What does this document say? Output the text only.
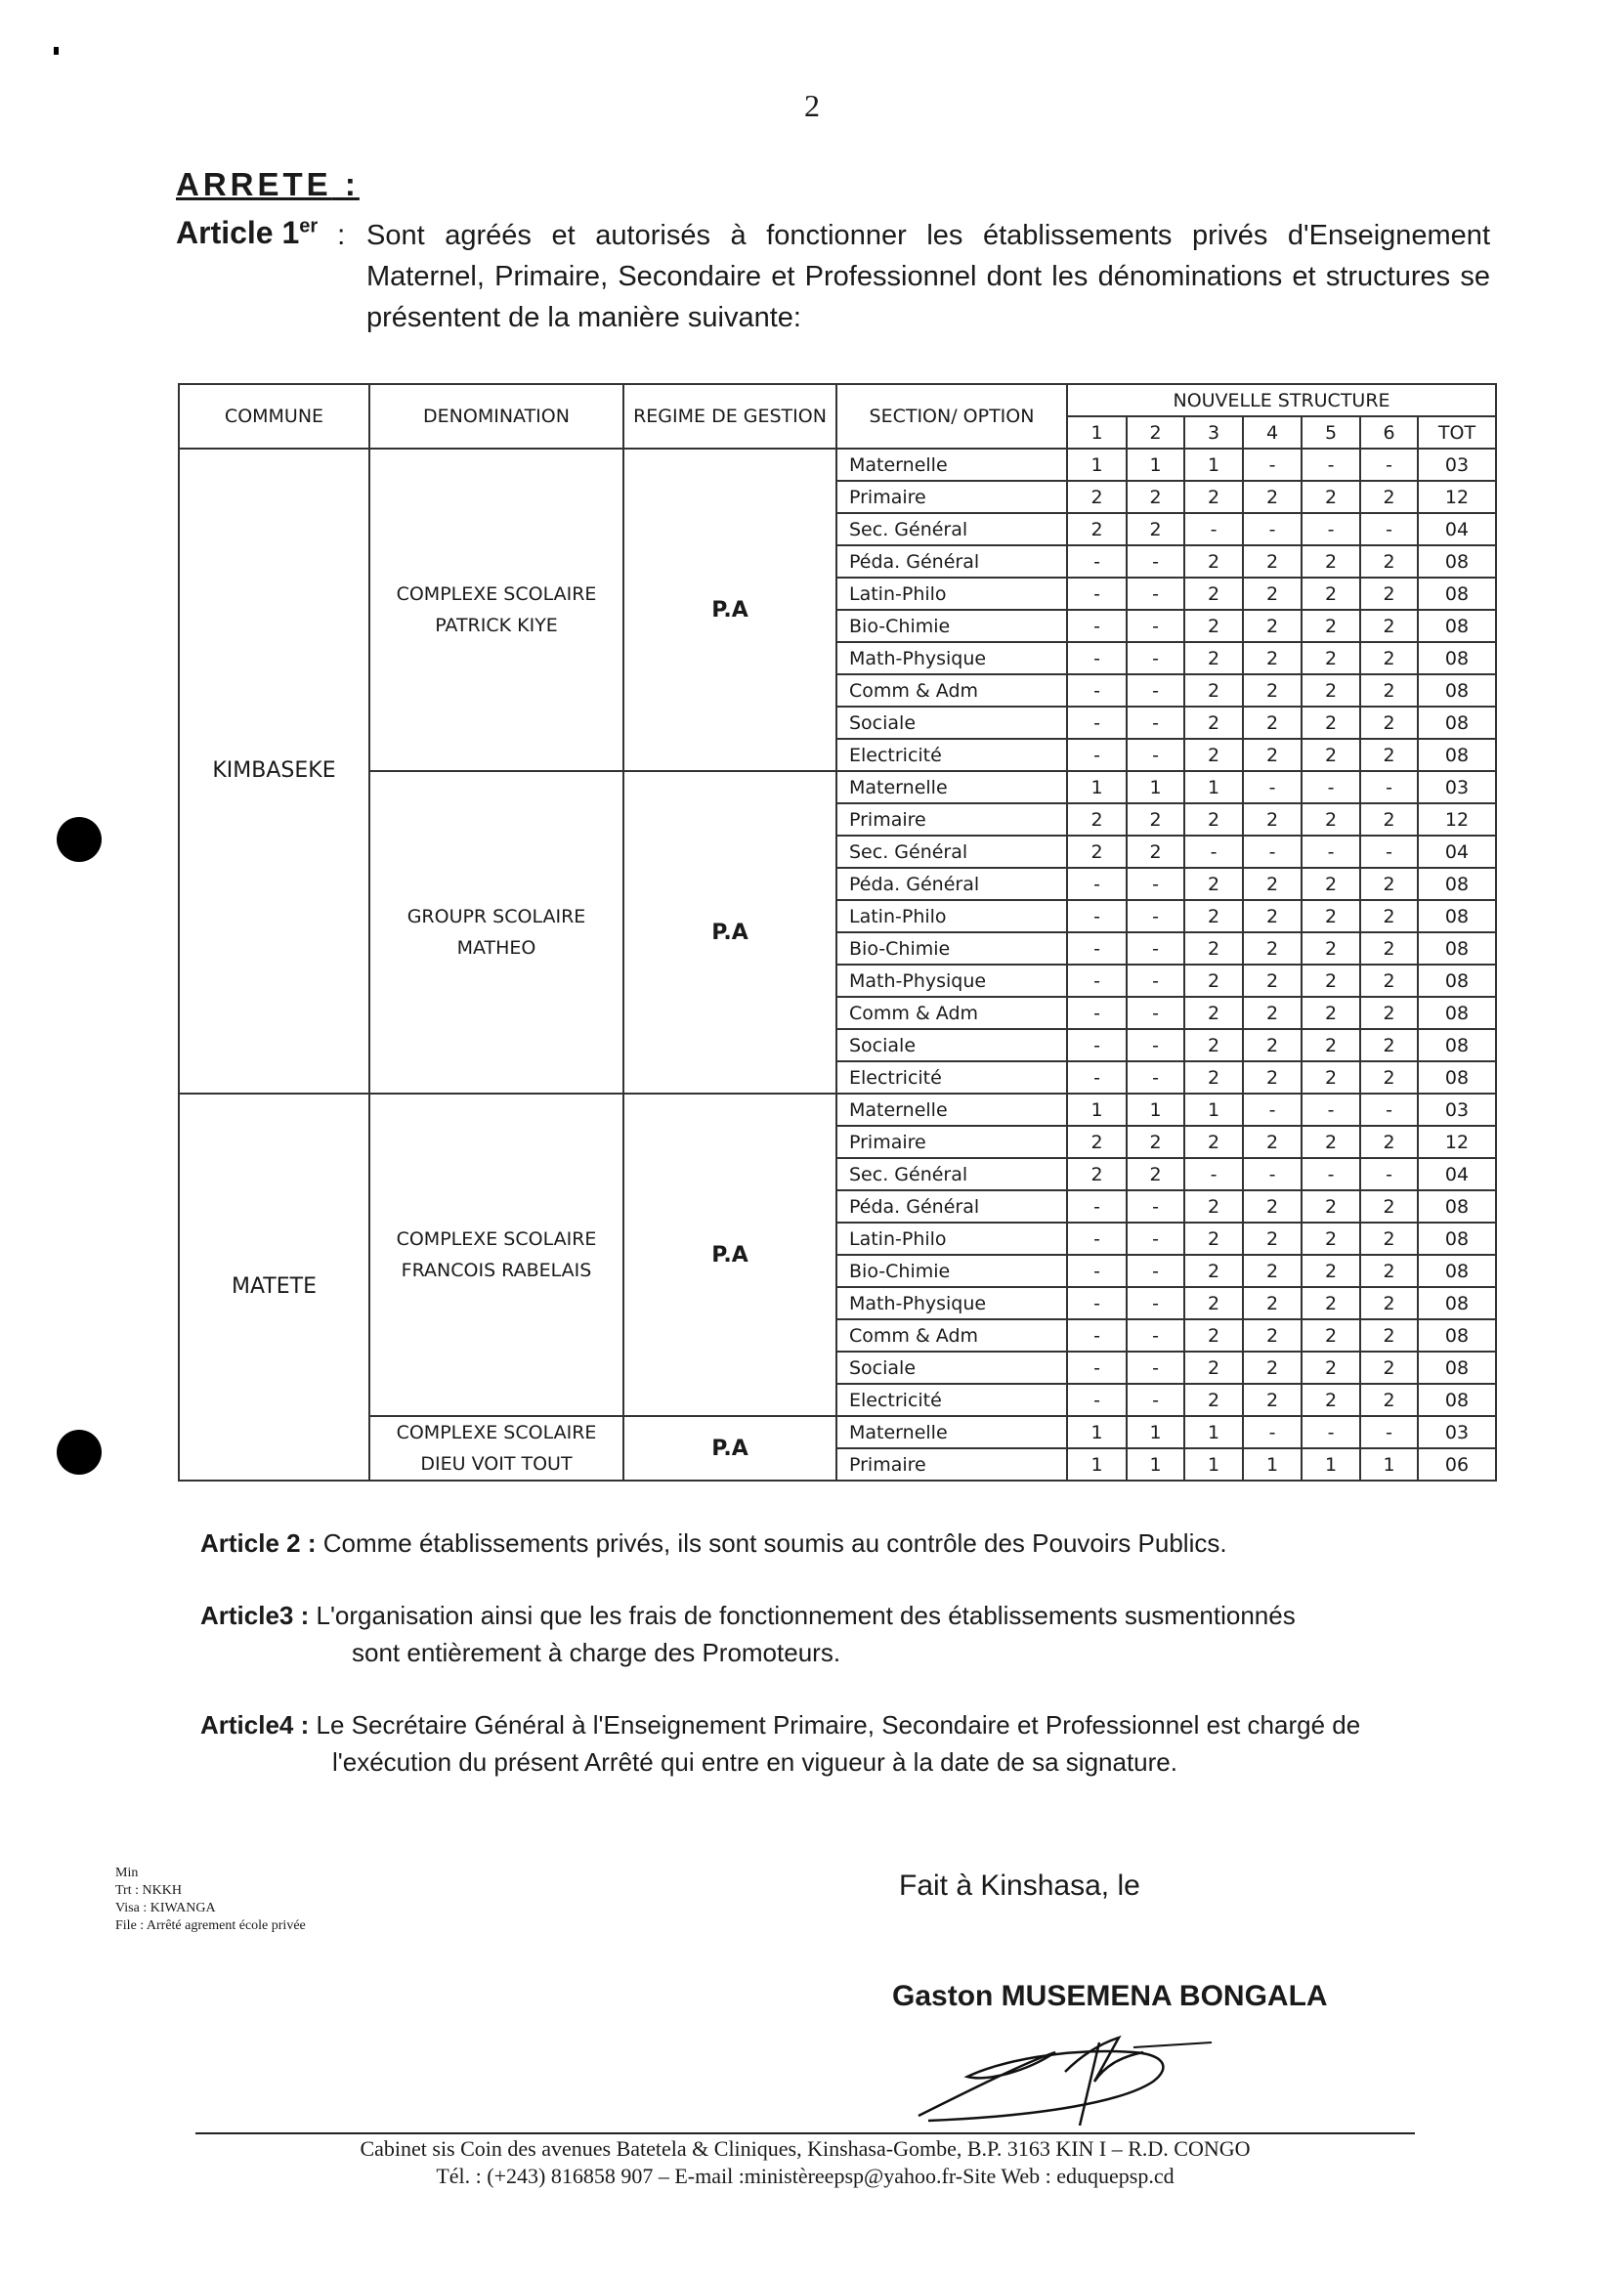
2
ARRETE :
Article 1er : Sont agréés et autorisés à fonctionner les établissements privés d'Enseignement Maternel, Primaire, Secondaire et Professionnel dont les dénominations et structures se présentent de la manière suivante:
COMMUNE	DENOMINATION	REGIME DE GESTION	SECTION/ OPTION	NOUVELLE STRUCTURE						
				1	2	3	4	5	6	TOT
KIMBASEKE	COMPLEXE SCOLAIRE PATRICK KIYE	P.A	Maternelle	1	1	1	-	-	-	03
			Primaire	2	2	2	2	2	2	12
			Sec. Général	2	2	-	-	-	-	04
			Péda. Général	-	-	2	2	2	2	08
			Latin-Philo	-	-	2	2	2	2	08
			Bio-Chimie	-	-	2	2	2	2	08
			Math-Physique	-	-	2	2	2	2	08
			Comm & Adm	-	-	2	2	2	2	08
			Sociale	-	-	2	2	2	2	08
			Electricité	-	-	2	2	2	2	08
	GROUPR SCOLAIRE MATHEO	P.A	Maternelle	1	1	1	-	-	-	03
			Primaire	2	2	2	2	2	2	12
			Sec. Général	2	2	-	-	-	-	04
			Péda. Général	-	-	2	2	2	2	08
			Latin-Philo	-	-	2	2	2	2	08
			Bio-Chimie	-	-	2	2	2	2	08
			Math-Physique	-	-	2	2	2	2	08
			Comm & Adm	-	-	2	2	2	2	08
			Sociale	-	-	2	2	2	2	08
			Electricité	-	-	2	2	2	2	08
MATETE	COMPLEXE SCOLAIRE FRANCOIS RABELAIS	P.A	Maternelle	1	1	1	-	-	-	03
			Primaire	2	2	2	2	2	2	12
			Sec. Général	2	2	-	-	-	-	04
			Péda. Général	-	-	2	2	2	2	08
			Latin-Philo	-	-	2	2	2	2	08
			Bio-Chimie	-	-	2	2	2	2	08
			Math-Physique	-	-	2	2	2	2	08
			Comm & Adm	-	-	2	2	2	2	08
			Sociale	-	-	2	2	2	2	08
			Electricité	-	-	2	2	2	2	08
	COMPLEXE SCOLAIRE DIEU VOIT TOUT	P.A	Maternelle	1	1	1	-	-	-	03
			Primaire	1	1	1	1	1	1	06
Article 2 : Comme établissements privés, ils sont soumis au contrôle des Pouvoirs Publics.
Article3 : L'organisation ainsi que les frais de fonctionnement des établissements susmentionnés
sont entièrement à charge des Promoteurs.
Article4 : Le Secrétaire Général à l'Enseignement Primaire, Secondaire et Professionnel est chargé de
l'exécution du présent Arrêté qui entre en vigueur à la date de sa signature.
Min
Trt : NKKH
Visa : KIWANGA
File : Arrêté agrement école privée
Fait à Kinshasa, le
Gaston MUSEMENA BONGALA
Cabinet sis Coin des avenues Batetela & Cliniques, Kinshasa-Gombe, B.P. 3163 KIN I – R.D. CONGO
Tél. : (+243) 816858 907 – E-mail :ministèreepsp@yahoo.fr-Site Web : eduquepsp.cd
